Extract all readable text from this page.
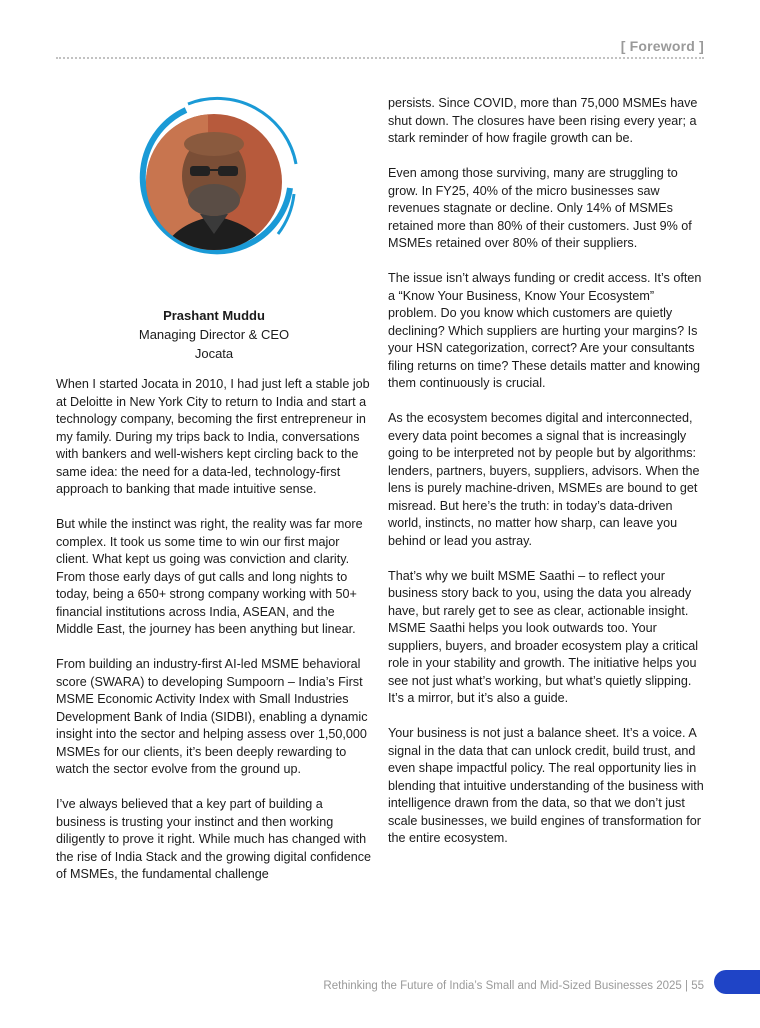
[ Foreword ]
Prashant Muddu
Managing Director & CEO
Jocata

When I started Jocata in 2010, I had just left a stable job at Deloitte in New York City to return to India and start a technology company, becoming the first entrepreneur in my family. During my trips back to India, conversations with bankers and well-wishers kept circling back to the same idea: the need for a data-led, technology-first approach to banking that made intuitive sense.

But while the instinct was right, the reality was far more complex. It took us some time to win our first major client. What kept us going was conviction and clarity. From those early days of gut calls and long nights to today, being a 650+ strong company working with 50+ financial institutions across India, ASEAN, and the Middle East, the journey has been anything but linear.

From building an industry-first AI-led MSME behavioral score (SWARA) to developing Sumpoorn – India’s First MSME Economic Activity Index with Small Industries Development Bank of India (SIDBI), enabling a dynamic insight into the sector and helping assess over 1,50,000 MSMEs for our clients, it’s been deeply rewarding to watch the sector evolve from the ground up.

I’ve always believed that a key part of building a business is trusting your instinct and then working diligently to prove it right. While much has changed with the rise of India Stack and the growing digital confidence of MSMEs, the fundamental challenge

persists. Since COVID, more than 75,000 MSMEs have shut down. The closures have been rising every year; a stark reminder of how fragile growth can be.

Even among those surviving, many are struggling to grow. In FY25, 40% of the micro businesses saw revenues stagnate or decline. Only 14% of MSMEs retained more than 80% of their customers. Just 9% of MSMEs retained over 80% of their suppliers.

The issue isn’t always funding or credit access. It’s often a “Know Your Business, Know Your Ecosystem” problem. Do you know which customers are quietly declining? Which suppliers are hurting your margins? Is your HSN categorization, correct? Are your consultants filing returns on time? These details matter and knowing them continuously is crucial.

As the ecosystem becomes digital and interconnected, every data point becomes a signal that is increasingly going to be interpreted not by people but by algorithms: lenders, partners, buyers, suppliers, advisors. When the lens is purely machine-driven, MSMEs are bound to get misread. But here’s the truth: in today’s data-driven world, instincts, no matter how sharp, can leave you behind or lead you astray.

That’s why we built MSME Saathi – to reflect your business story back to you, using the data you already have, but rarely get to see as clear, actionable insight. MSME Saathi helps you look outwards too. Your suppliers, buyers, and broader ecosystem play a critical role in your stability and growth. The initiative helps you see not just what’s working, but what’s quietly slipping. It’s a mirror, but it’s also a guide.

Your business is not just a balance sheet. It’s a voice. A signal in the data that can unlock credit, build trust, and even shape impactful policy. The real opportunity lies in blending that intuitive understanding of the business with intelligence drawn from the data, so that we don’t just scale businesses, we build engines of transformation for the entire ecosystem.

Rethinking the Future of India’s Small and Mid-Sized Businesses 2025 | 55
